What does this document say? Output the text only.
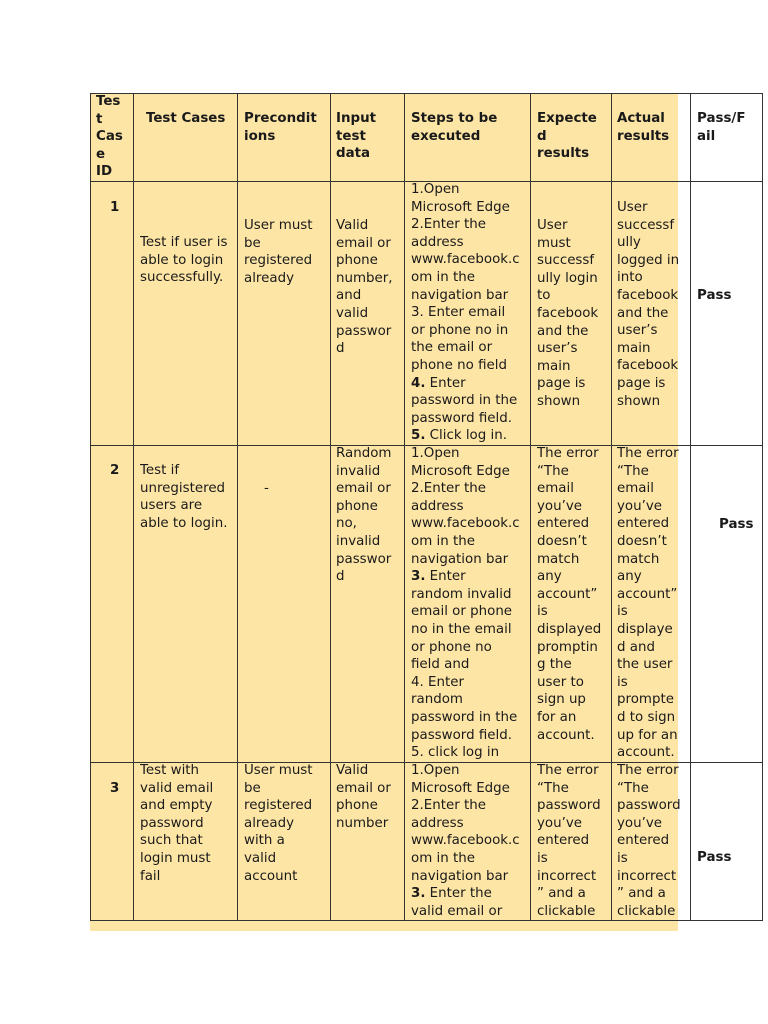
Tes
t
Cas
e
ID
Test Cases	Precondit
ions
Input
test
data
Steps to be
executed
Expecte
d
results
Actual
results
Pass/F
ail
1
Test if user is
able to login
successfully.
User must
be
registered
already
Valid
email or
phone
number,
and
valid
passwor
d
1.Open
Microsoft Edge
2.Enter the
address
www.facebook.c
om in the
navigation bar
3. Enter email
or phone no in
the email or
phone no field
4. Enter
password in the
password field.
5. Click log in.
User
must
successf
ully login
to
facebook
and the
user’s
main
page is
shown
User
successf
ully
logged in
into
facebook
and the
user’s
main
facebook
page is
shown
Pass
2	Test if
unregistered
users are
able to login.
-
Random
invalid
email or
phone
no,
invalid
passwor
d
1.Open
Microsoft Edge
2.Enter the
address
www.facebook.c
om in the
navigation bar
3. Enter
random invalid
email or phone
no in the email
or phone no
field and
4. Enter
random
password in the
password field.
5. click log in
The error
“The
email
you’ve
entered
doesn’t
match
any
account”
is
displayed
promptin
g the
user to
sign up
for an
account.
The error
“The
email
you’ve
entered
doesn’t
match
any
account”
is
displaye
d and
the user
is
prompte
d to sign
up for an
account.
Pass
3
Test with
valid email
and empty
password
such that
login must
fail
User must
be
registered
already
with a
valid
account
Valid
email or
phone
number
1.Open
Microsoft Edge
2.Enter the
address
www.facebook.c
om in the
navigation bar
3. Enter the
valid email or
The error
“The
password
you’ve
entered
is
incorrect
” and a
clickable
The error
“The
password
you’ve
entered
is
incorrect
” and a
clickable
Pass
